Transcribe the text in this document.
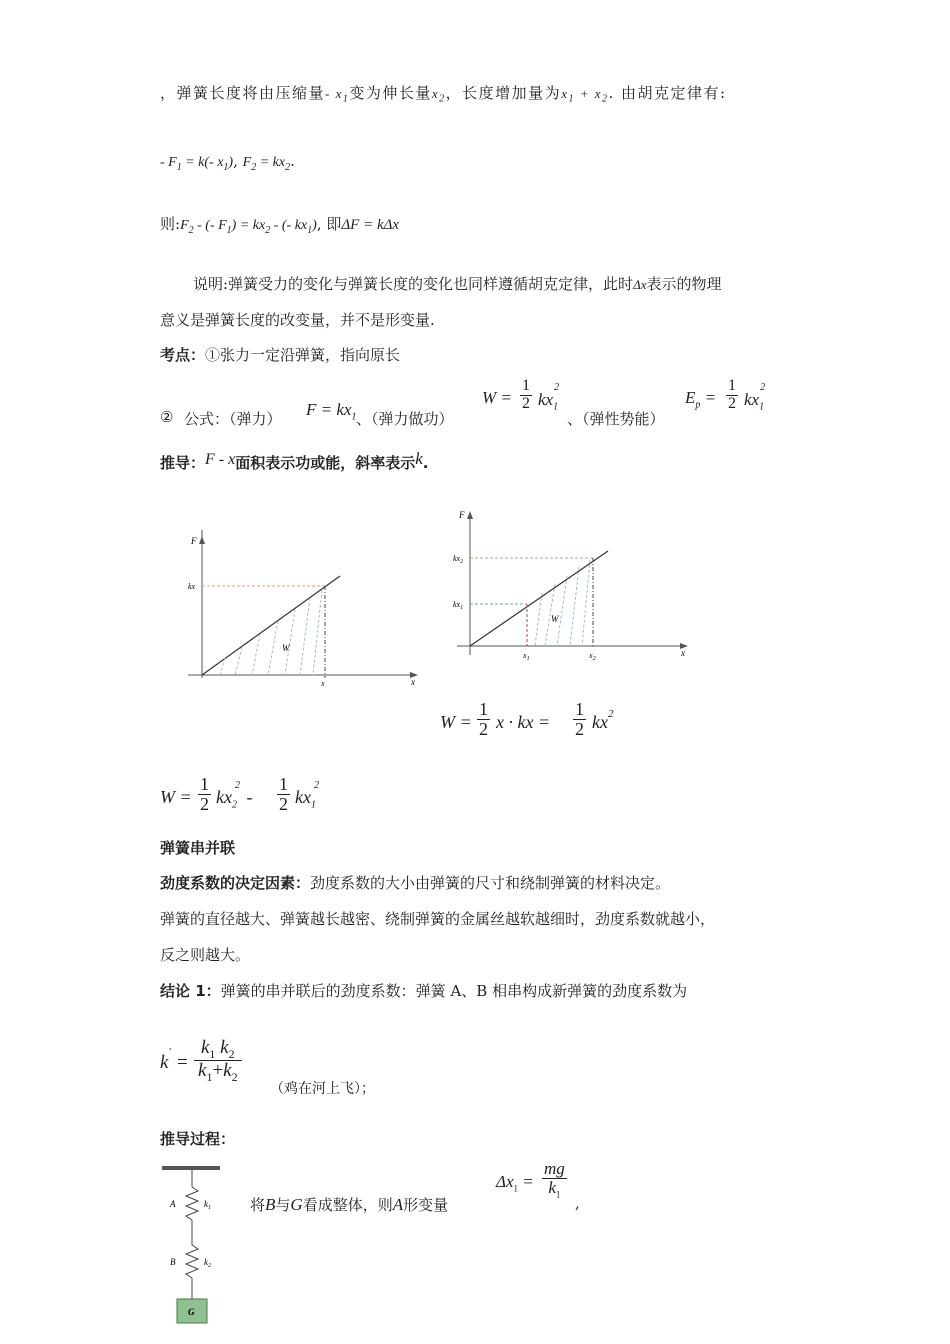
，弹簧长度将由压缩量- $x_1$变为伸长量$x_2$，长度增加量为$x_1 + x_2$. 由胡克定律有:
- $F_1 = k(-$ $x_1$), $F_2 = kx_2$.
则$:F_2$ - (- $F_1) = kx_2$ - (- $kx_1$), 即ΔF = kΔx
说明:弹簧受力的变化与弹簧长度的变化也同样遵循胡克定律，此时Δx表示的物理
意义是弹簧长度的改变量，并不是形变量.
考点：①张力一定沿弹簧，指向原长
② 公式：（弹力） $F = kx_1$ 、（弹力做功）
$W = \frac{1}{2} kx_1^2$
、（弹性势能）
$E_p = \frac{1}{2} kx_1^2$
推导：F - x面积表示功或能，斜率表示k.
F
kx
W
x	x
F
$kx_2$
$kx_1$
W
$x_1$	$x_2$
x
$W = \frac{1}{2}$ x · kx = $\frac{1}{2} kx^2$
$W = \frac{1}{2} kx_2^2 - \frac{1}{2} kx_1^2$
弹簧串并联
劲度系数的决定因素：劲度系数的大小由弹簧的尺寸和绕制弹簧的材料决定。
弹簧的直径越大、弹簧越长越密、绕制弹簧的金属丝越软越细时，劲度系数就越小，
反之则越大。
结论 1：弹簧的串并联后的劲度系数：弹簧 A、B 相串构成新弹簧的劲度系数为
$k' = \frac{k_1 k_2}{k_1+k_2}$
（鸡在河上飞）；
推导过程：
A	$k_1$
B	$k_2$
G
将B与G看成整体，则A形变量
$\Delta x_1 = \frac{mg}{k_1}$
,
